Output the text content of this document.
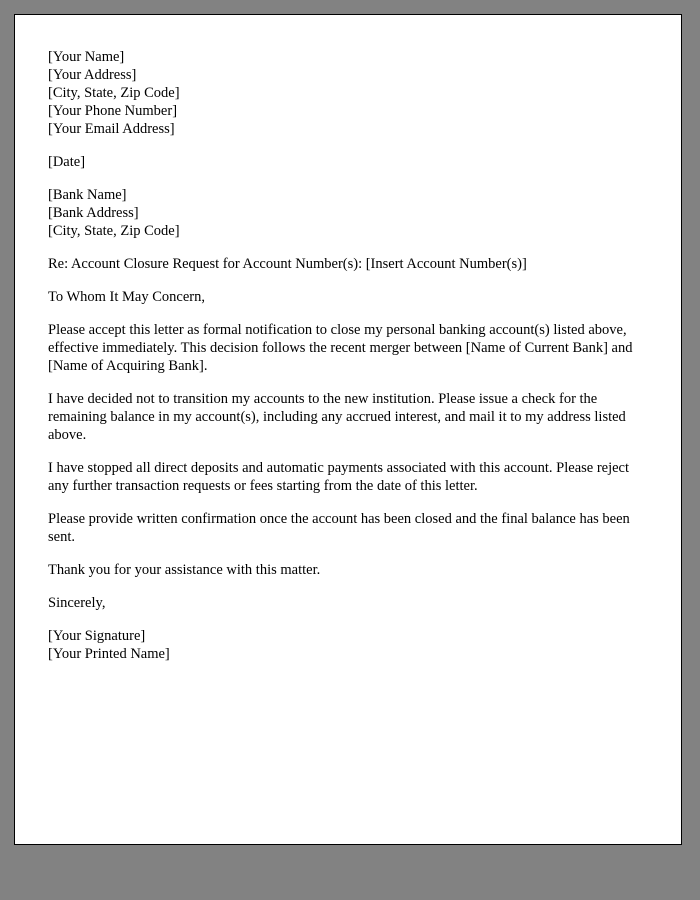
[Your Name]
[Your Address]
[City, State, Zip Code]
[Your Phone Number]
[Your Email Address]
[Date]
[Bank Name]
[Bank Address]
[City, State, Zip Code]
Re: Account Closure Request for Account Number(s): [Insert Account Number(s)]
To Whom It May Concern,
Please accept this letter as formal notification to close my personal banking account(s) listed above, effective immediately. This decision follows the recent merger between [Name of Current Bank] and [Name of Acquiring Bank].
I have decided not to transition my accounts to the new institution. Please issue a check for the remaining balance in my account(s), including any accrued interest, and mail it to my address listed above.
I have stopped all direct deposits and automatic payments associated with this account. Please reject any further transaction requests or fees starting from the date of this letter.
Please provide written confirmation once the account has been closed and the final balance has been sent.
Thank you for your assistance with this matter.
Sincerely,
[Your Signature]
[Your Printed Name]
